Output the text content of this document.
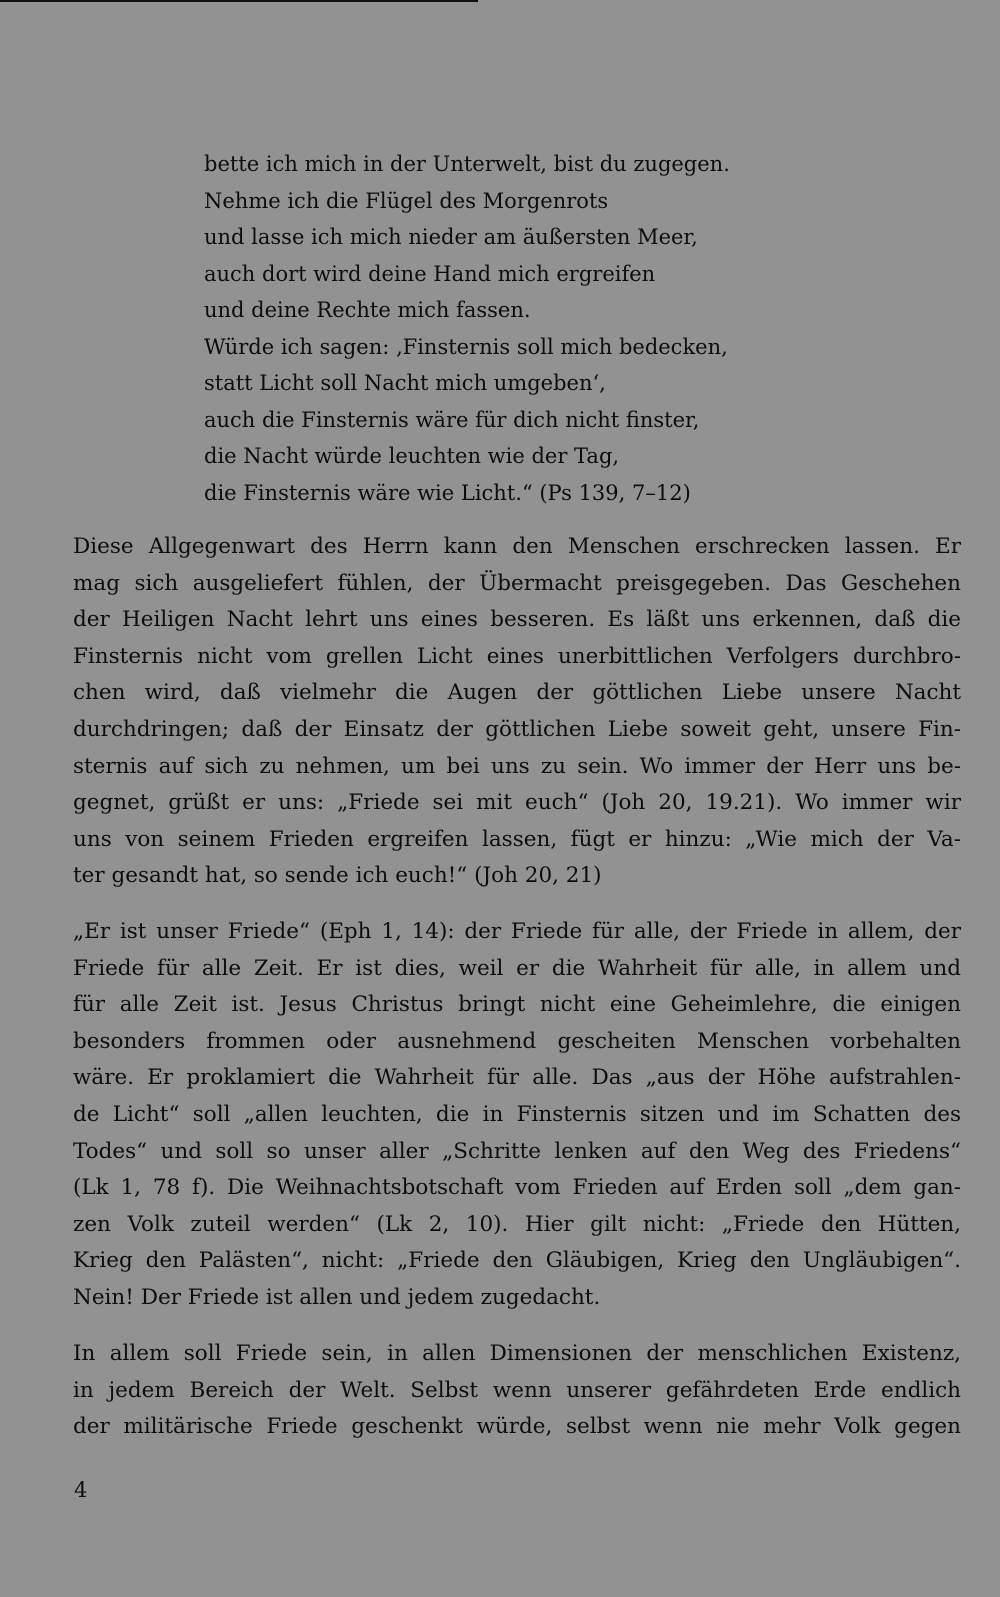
bette ich mich in der Unterwelt, bist du zugegen.
Nehme ich die Flügel des Morgenrots
und lasse ich mich nieder am äußersten Meer,
auch dort wird deine Hand mich ergreifen
und deine Rechte mich fassen.
Würde ich sagen: ‚Finsternis soll mich bedecken,
statt Licht soll Nacht mich umgeben‘,
auch die Finsternis wäre für dich nicht finster,
die Nacht würde leuchten wie der Tag,
die Finsternis wäre wie Licht.“ (Ps 139, 7–12)
Diese Allgegenwart des Herrn kann den Menschen erschrecken lassen. Er
mag sich ausgeliefert fühlen, der Übermacht preisgegeben. Das Geschehen
der Heiligen Nacht lehrt uns eines besseren. Es läßt uns erkennen, daß die
Finsternis nicht vom grellen Licht eines unerbittlichen Verfolgers durchbro-
chen wird, daß vielmehr die Augen der göttlichen Liebe unsere Nacht
durchdringen; daß der Einsatz der göttlichen Liebe soweit geht, unsere Fin-
sternis auf sich zu nehmen, um bei uns zu sein. Wo immer der Herr uns be-
gegnet, grüßt er uns: „Friede sei mit euch“ (Joh 20, 19.21). Wo immer wir
uns von seinem Frieden ergreifen lassen, fügt er hinzu: „Wie mich der Va-
ter gesandt hat, so sende ich euch!“ (Joh 20, 21)
„Er ist unser Friede“ (Eph 1, 14): der Friede für alle, der Friede in allem, der
Friede für alle Zeit. Er ist dies, weil er die Wahrheit für alle, in allem und
für alle Zeit ist. Jesus Christus bringt nicht eine Geheimlehre, die einigen
besonders frommen oder ausnehmend gescheiten Menschen vorbehalten
wäre. Er proklamiert die Wahrheit für alle. Das „aus der Höhe aufstrahlen-
de Licht“ soll „allen leuchten, die in Finsternis sitzen und im Schatten des
Todes“ und soll so unser aller „Schritte lenken auf den Weg des Friedens“
(Lk 1, 78 f). Die Weihnachtsbotschaft vom Frieden auf Erden soll „dem gan-
zen Volk zuteil werden“ (Lk 2, 10). Hier gilt nicht: „Friede den Hütten,
Krieg den Palästen“, nicht: „Friede den Gläubigen, Krieg den Ungläubigen“.
Nein! Der Friede ist allen und jedem zugedacht.
In allem soll Friede sein, in allen Dimensionen der menschlichen Existenz,
in jedem Bereich der Welt. Selbst wenn unserer gefährdeten Erde endlich
der militärische Friede geschenkt würde, selbst wenn nie mehr Volk gegen
4
